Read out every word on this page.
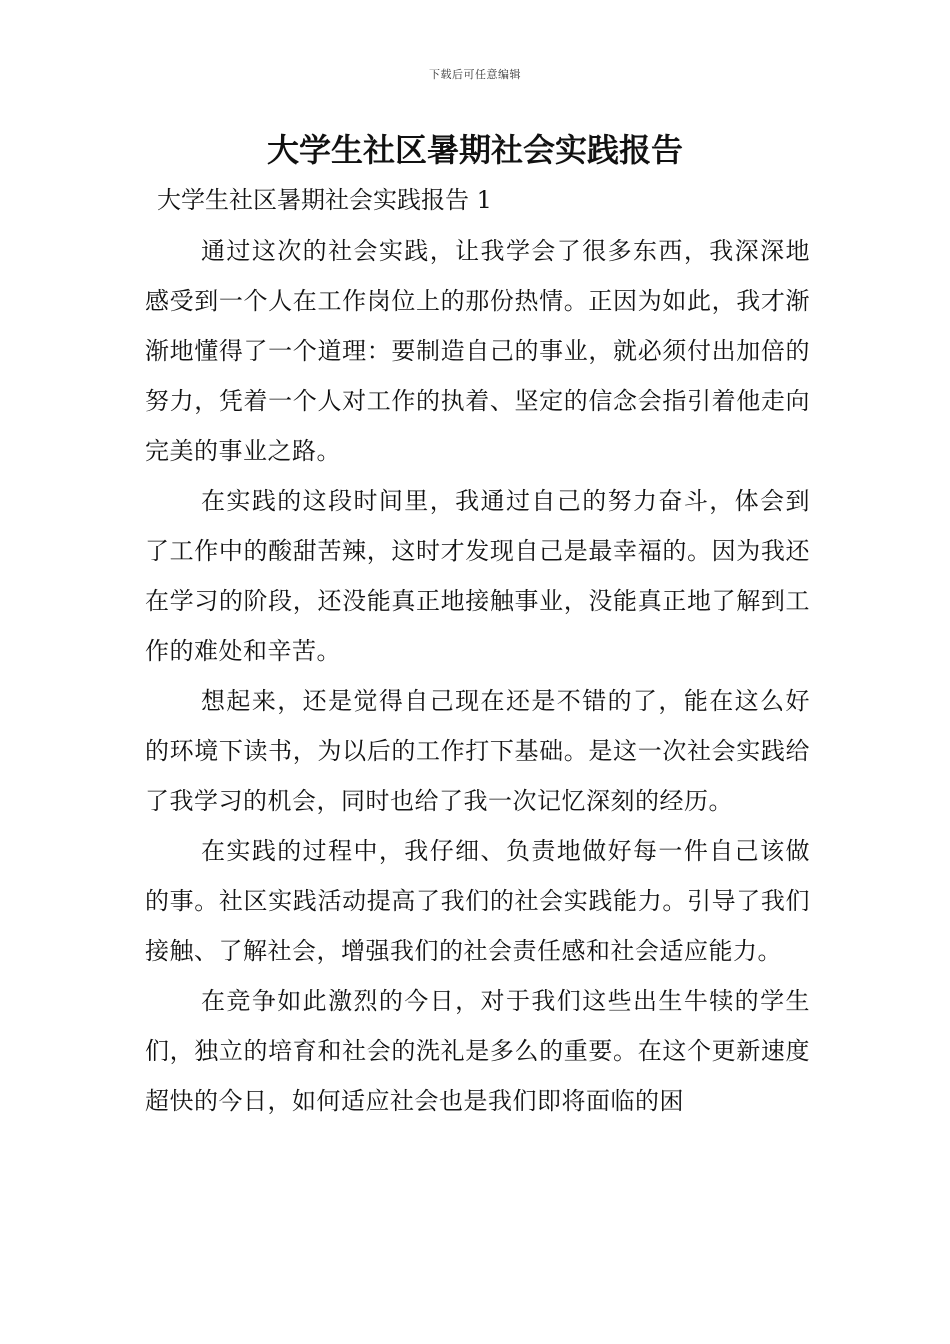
下载后可任意编辑
大学生社区暑期社会实践报告

大学生社区暑期社会实践报告 1

通过这次的社会实践，让我学会了很多东西，我深深地感受到一个人在工作岗位上的那份热情。正因为如此，我才渐渐地懂得了一个道理：要制造自己的事业，就必须付出加倍的努力，凭着一个人对工作的执着、坚定的信念会指引着他走向完美的事业之路。

在实践的这段时间里，我通过自己的努力奋斗，体会到了工作中的酸甜苦辣，这时才发现自己是最幸福的。因为我还在学习的阶段，还没能真正地接触事业，没能真正地了解到工作的难处和辛苦。

想起来，还是觉得自己现在还是不错的了，能在这么好的环境下读书，为以后的工作打下基础。是这一次社会实践给了我学习的机会，同时也给了我一次记忆深刻的经历。

在实践的过程中，我仔细、负责地做好每一件自己该做的事。社区实践活动提高了我们的社会实践能力。引导了我们接触、了解社会，增强我们的社会责任感和社会适应能力。

在竞争如此激烈的今日，对于我们这些出生牛犊的学生们，独立的培育和社会的洗礼是多么的重要。在这个更新速度超快的今日，如何适应社会也是我们即将面临的困
